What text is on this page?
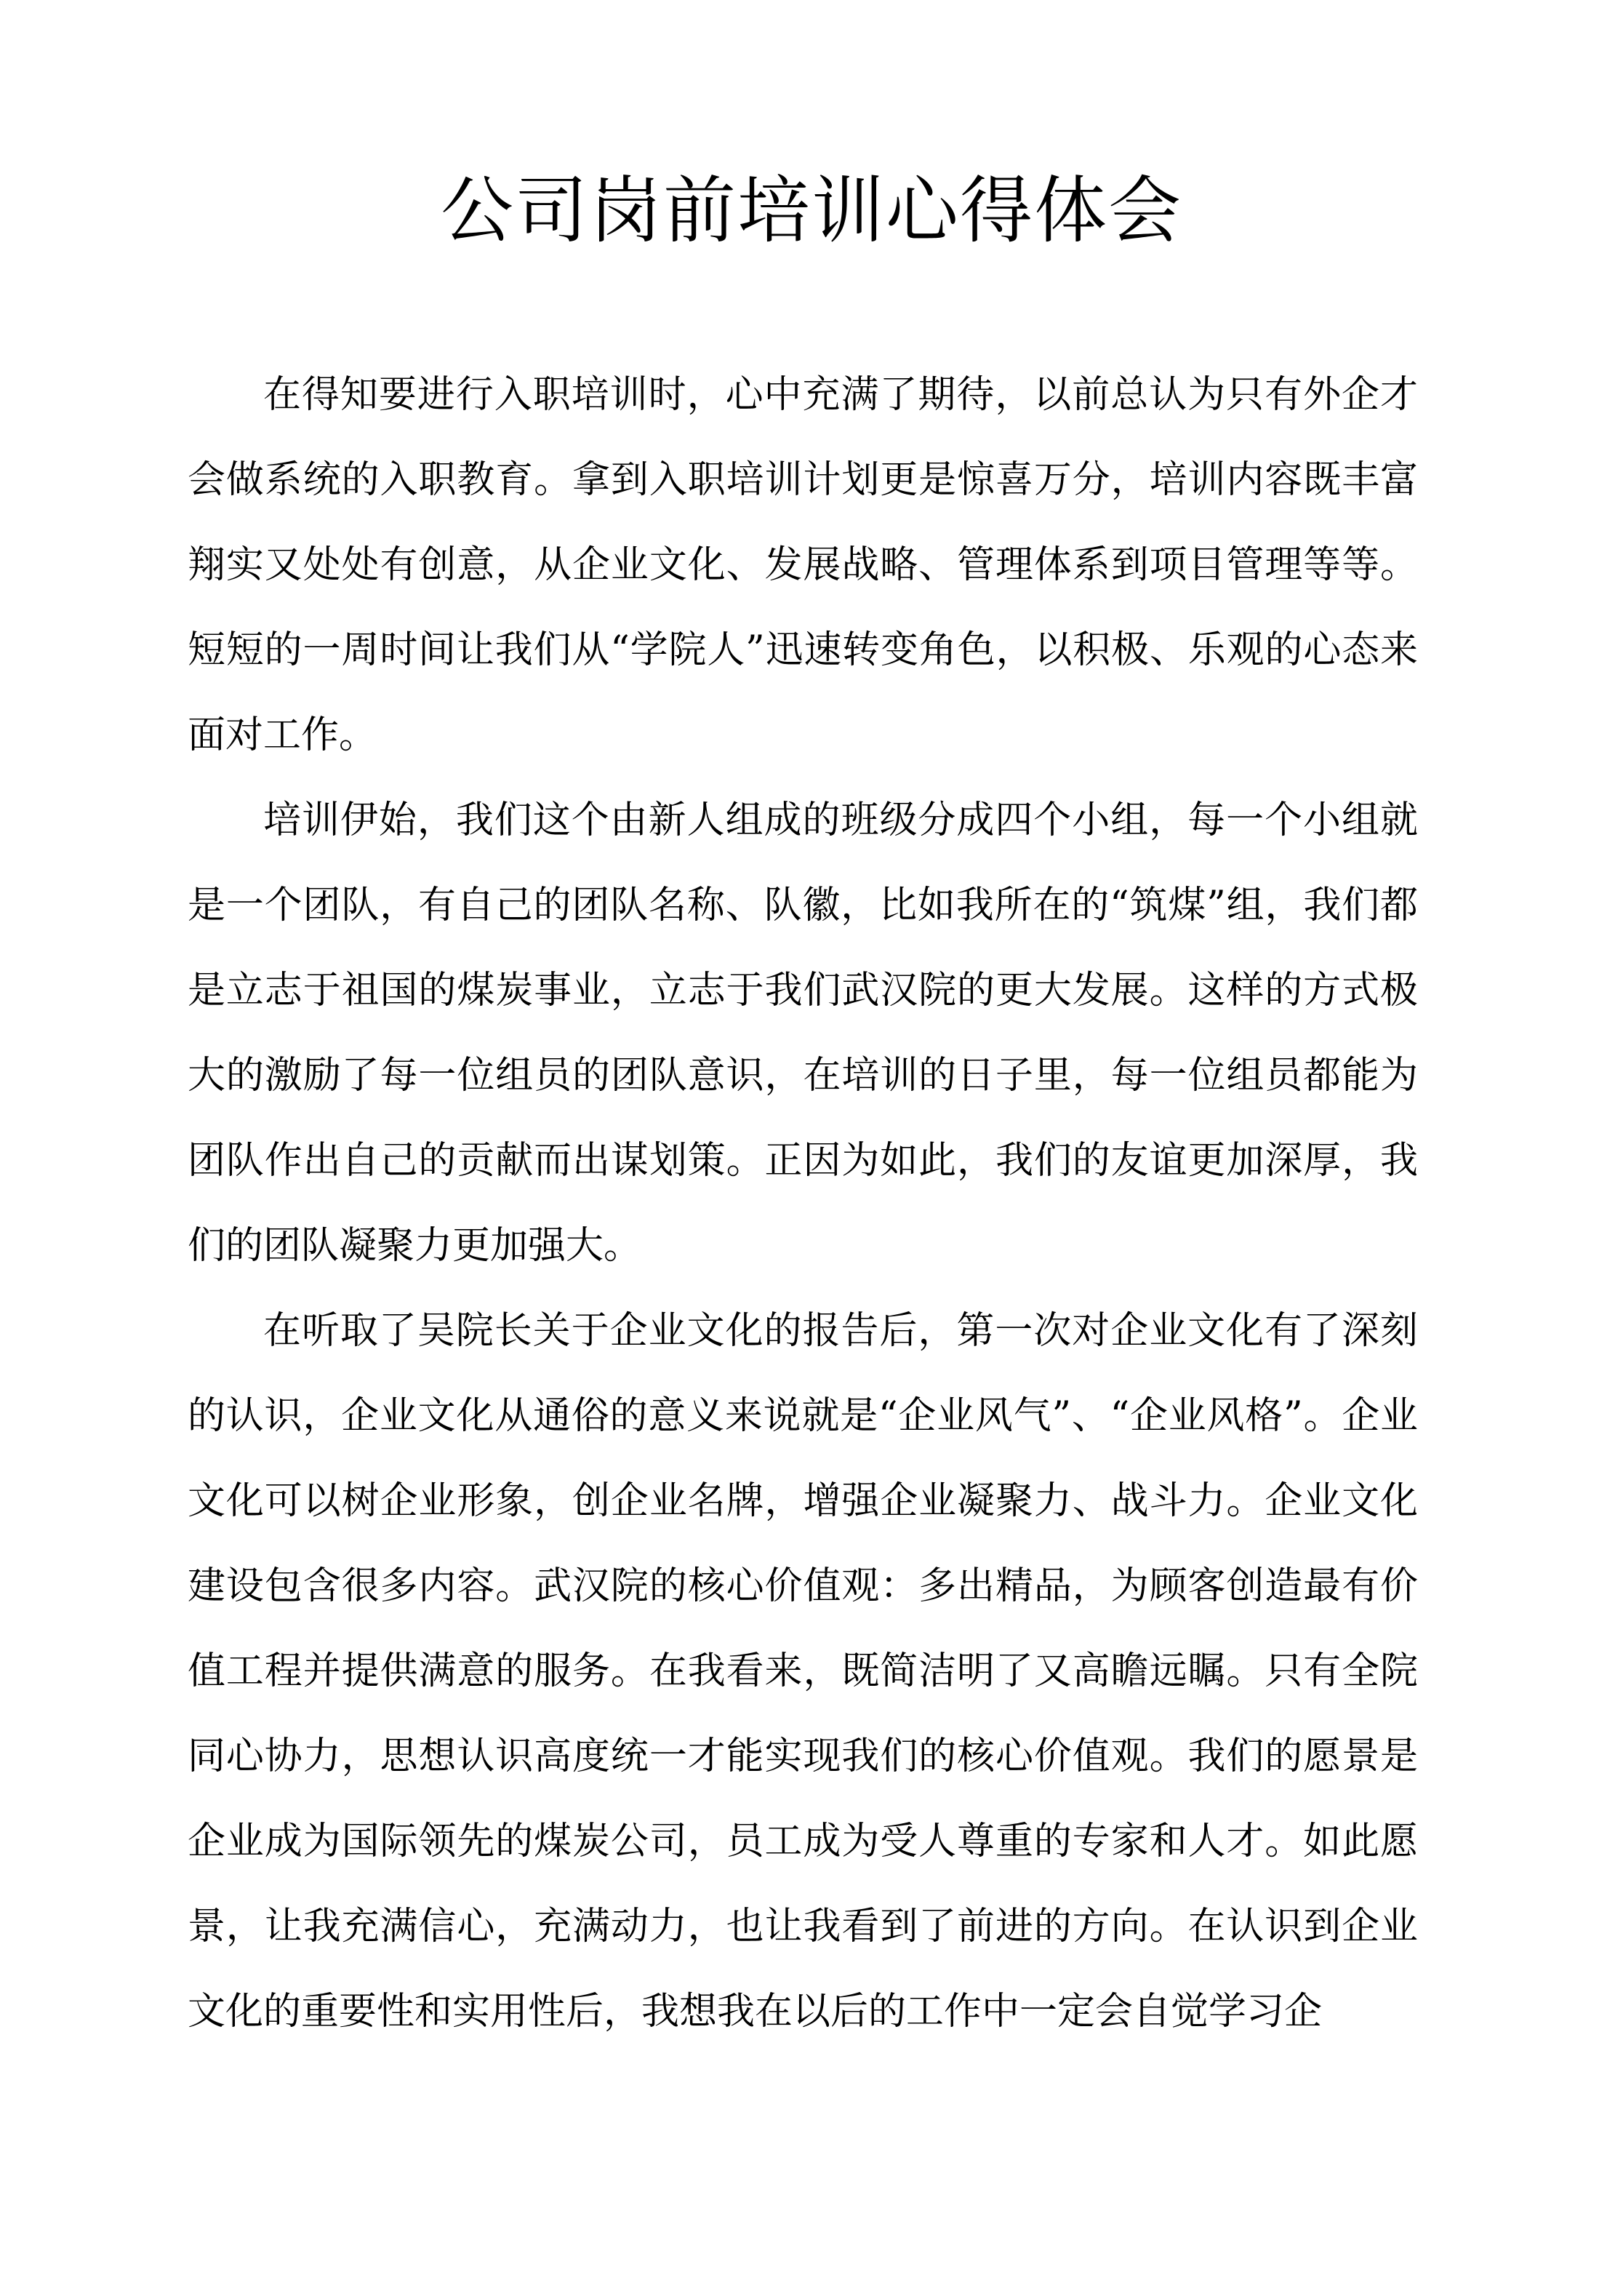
公司岗前培训心得体会

在得知要进行入职培训时，心中充满了期待，以前总认为只有外企才会做系统的入职教育。拿到入职培训计划更是惊喜万分，培训内容既丰富翔实又处处有创意，从企业文化、发展战略、管理体系到项目管理等等。短短的一周时间让我们从“学院人”迅速转变角色，以积极、乐观的心态来面对工作。

培训伊始，我们这个由新人组成的班级分成四个小组，每一个小组就是一个团队，有自己的团队名称、队徽，比如我所在的“筑煤”组，我们都是立志于祖国的煤炭事业，立志于我们武汉院的更大发展。这样的方式极大的激励了每一位组员的团队意识，在培训的日子里，每一位组员都能为团队作出自己的贡献而出谋划策。正因为如此，我们的友谊更加深厚，我们的团队凝聚力更加强大。

在听取了吴院长关于企业文化的报告后，第一次对企业文化有了深刻的认识，企业文化从通俗的意义来说就是“企业风气”、“企业风格”。企业文化可以树企业形象，创企业名牌，增强企业凝聚力、战斗力。企业文化建设包含很多内容。武汉院的核心价值观：多出精品，为顾客创造最有价值工程并提供满意的服务。在我看来，既简洁明了又高瞻远瞩。只有全院同心协力，思想认识高度统一才能实现我们的核心价值观。我们的愿景是企业成为国际领先的煤炭公司，员工成为受人尊重的专家和人才。如此愿景，让我充满信心，充满动力，也让我看到了前进的方向。在认识到企业文化的重要性和实用性后，我想我在以后的工作中一定会自觉学习企
